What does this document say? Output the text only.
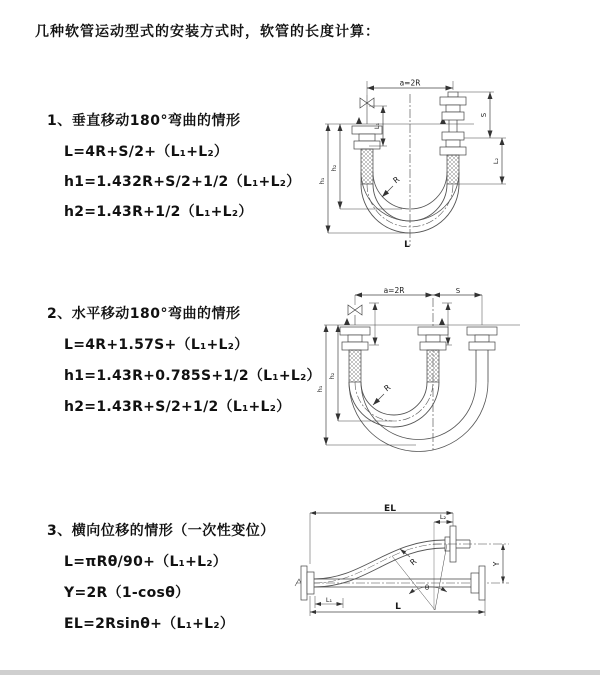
几种软管运动型式的安装方式时，软管的长度计算：
1、垂直移动180°弯曲的情形
L=4R+S/2+（L₁+L₂）
h1=1.432R+S/2+1/2（L₁+L₂）
h2=1.43R+1/2（L₁+L₂）
2、水平移动180°弯曲的情形
L=4R+1.57S+（L₁+L₂）
h1=1.43R+0.785S+1/2（L₁+L₂）
h2=1.43R+S/2+1/2（L₁+L₂）
3、横向位移的情形（一次性变位）
L=πRθ/90+（L₁+L₂）
Y=2R（1-cosθ）
EL=2Rsinθ+（L₁+L₂）
a=2R
S
L₂
L₁
h₂
h₁	R
L
a=2R	S
h₂
h₁	R
EL
L₂
L₁
L
Y
R
θ
